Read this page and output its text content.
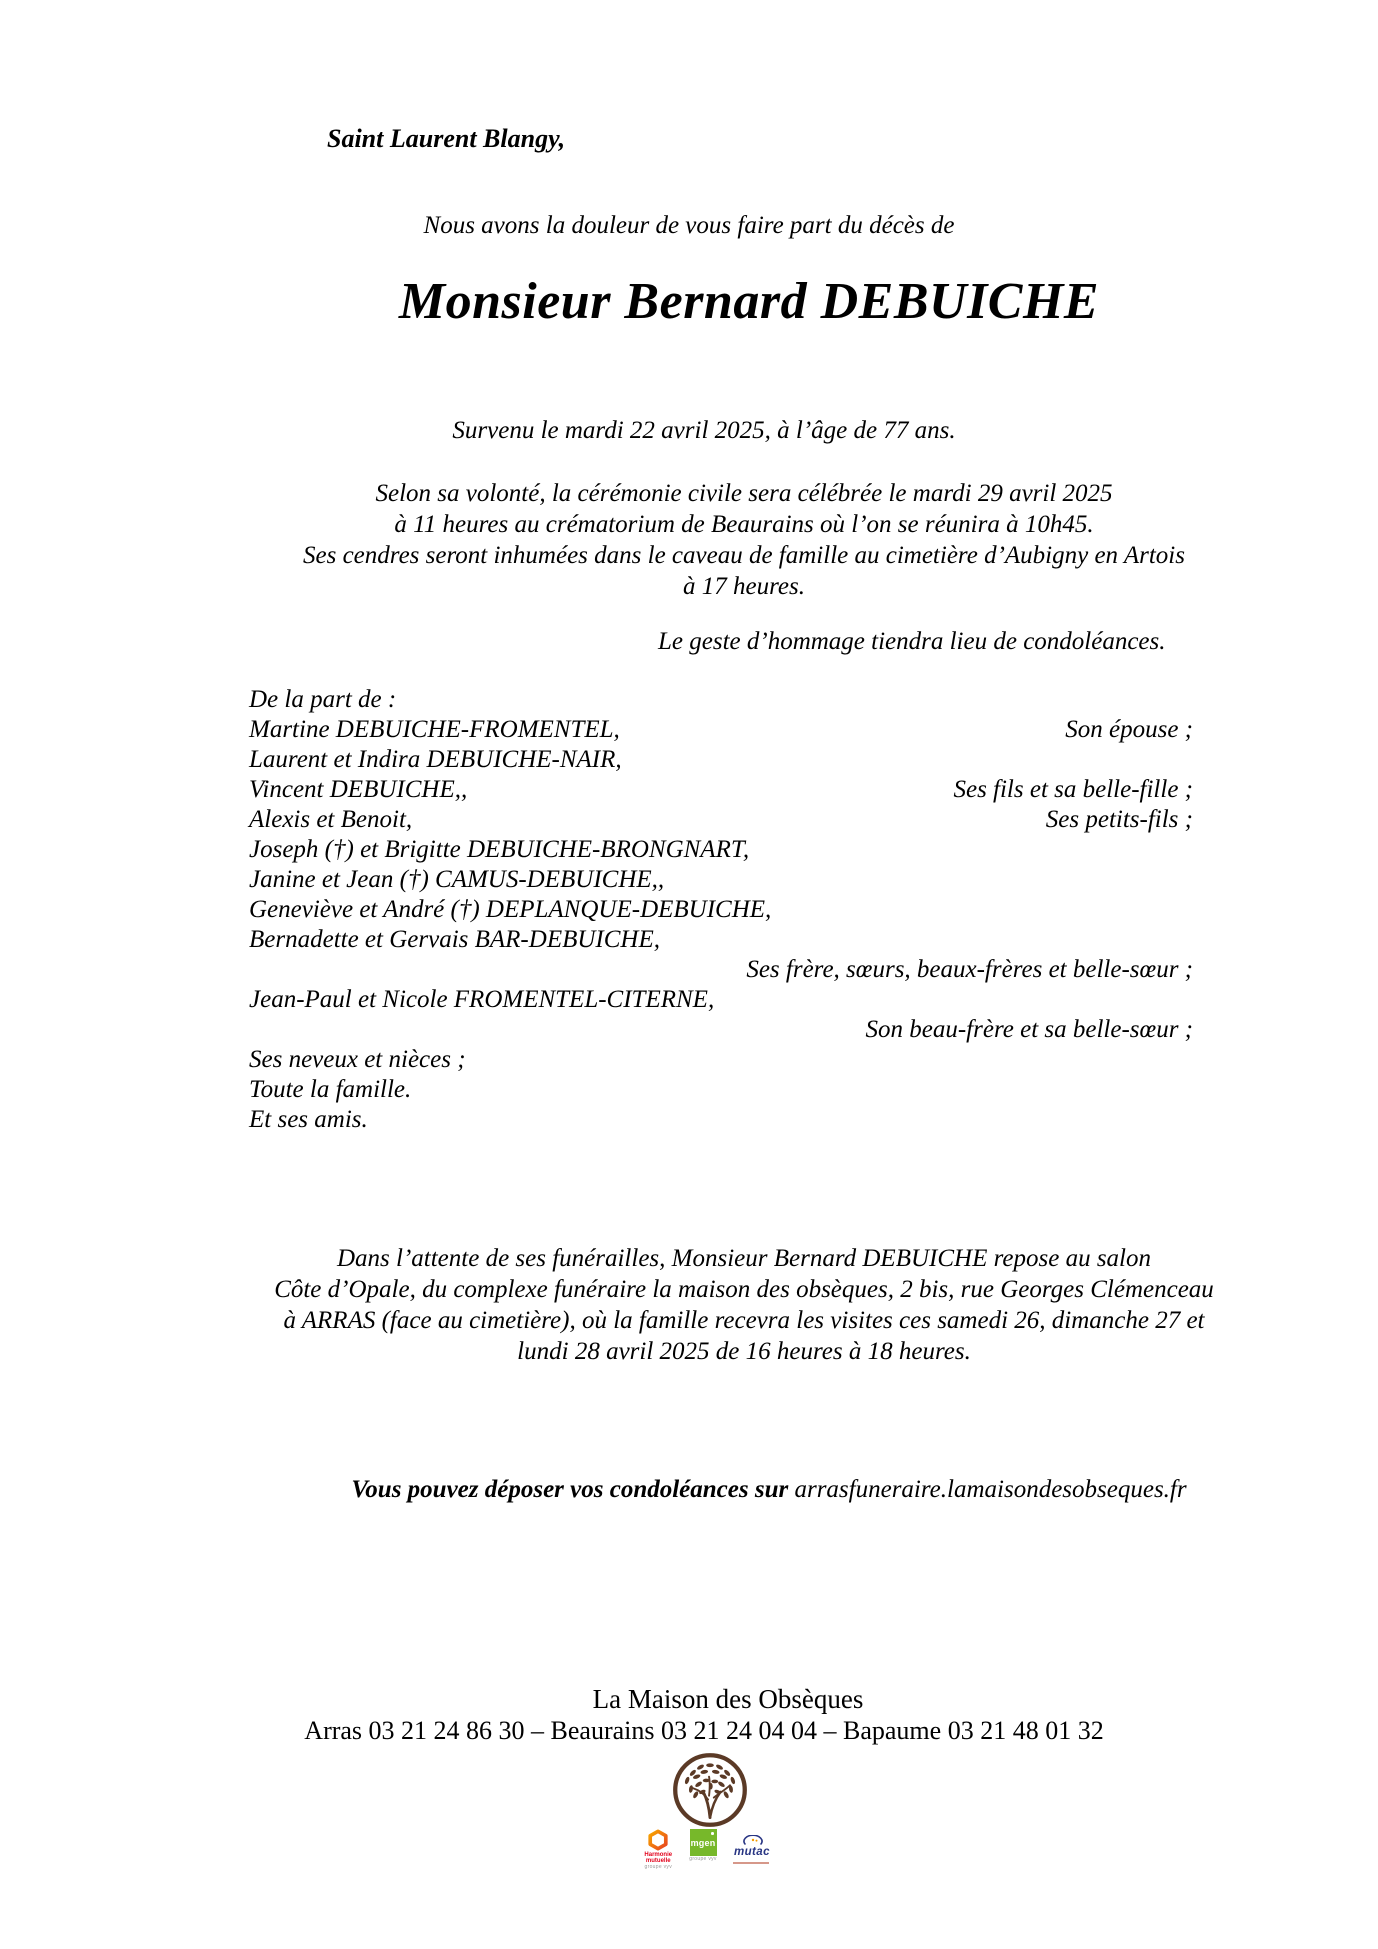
Saint Laurent Blangy,
Nous avons la douleur de vous faire part du décès de
Monsieur Bernard DEBUICHE
Survenu le mardi 22 avril 2025, à l’âge de 77 ans.
Selon sa volonté, la cérémonie civile sera célébrée le mardi 29 avril 2025
à 11 heures au crématorium de Beaurains où l’on se réunira à 10h45.
Ses cendres seront inhumées dans le caveau de famille au cimetière d’Aubigny en Artois
à 17 heures.
Le geste d’hommage tiendra lieu de condoléances.
De la part de :
Martine DEBUICHE-FROMENTEL,	Son épouse ;
Laurent et Indira DEBUICHE-NAIR,
Vincent DEBUICHE,,	Ses fils et sa belle-fille ;
Alexis et Benoit,	Ses petits-fils ;
Joseph (†) et Brigitte DEBUICHE-BRONGNART,
Janine et Jean (†) CAMUS-DEBUICHE,,
Geneviève et André (†) DEPLANQUE-DEBUICHE,
Bernadette et Gervais BAR-DEBUICHE,
Ses frère, sœurs, beaux-frères et belle-sœur ;
Jean-Paul et Nicole FROMENTEL-CITERNE,
Son beau-frère et sa belle-sœur ;
Ses neveux et nièces ;
Toute la famille.
Et ses amis.
Dans l’attente de ses funérailles, Monsieur Bernard DEBUICHE repose au salon
Côte d’Opale, du complexe funéraire la maison des obsèques, 2 bis, rue Georges Clémenceau
à ARRAS (face au cimetière), où la famille recevra les visites ces samedi 26, dimanche 27 et
lundi 28 avril 2025 de 16 heures à 18 heures.
Vous pouvez déposer vos condoléances sur arrasfuneraire.lamaisondesobseques.fr
La Maison des Obsèques
Arras 03 21 24 86 30 – Beaurains 03 21 24 04 04 – Bapaume 03 21 48 01 32
Harmonie mutuelle
groupe vyv
mgen
groupe vyv
mutac
